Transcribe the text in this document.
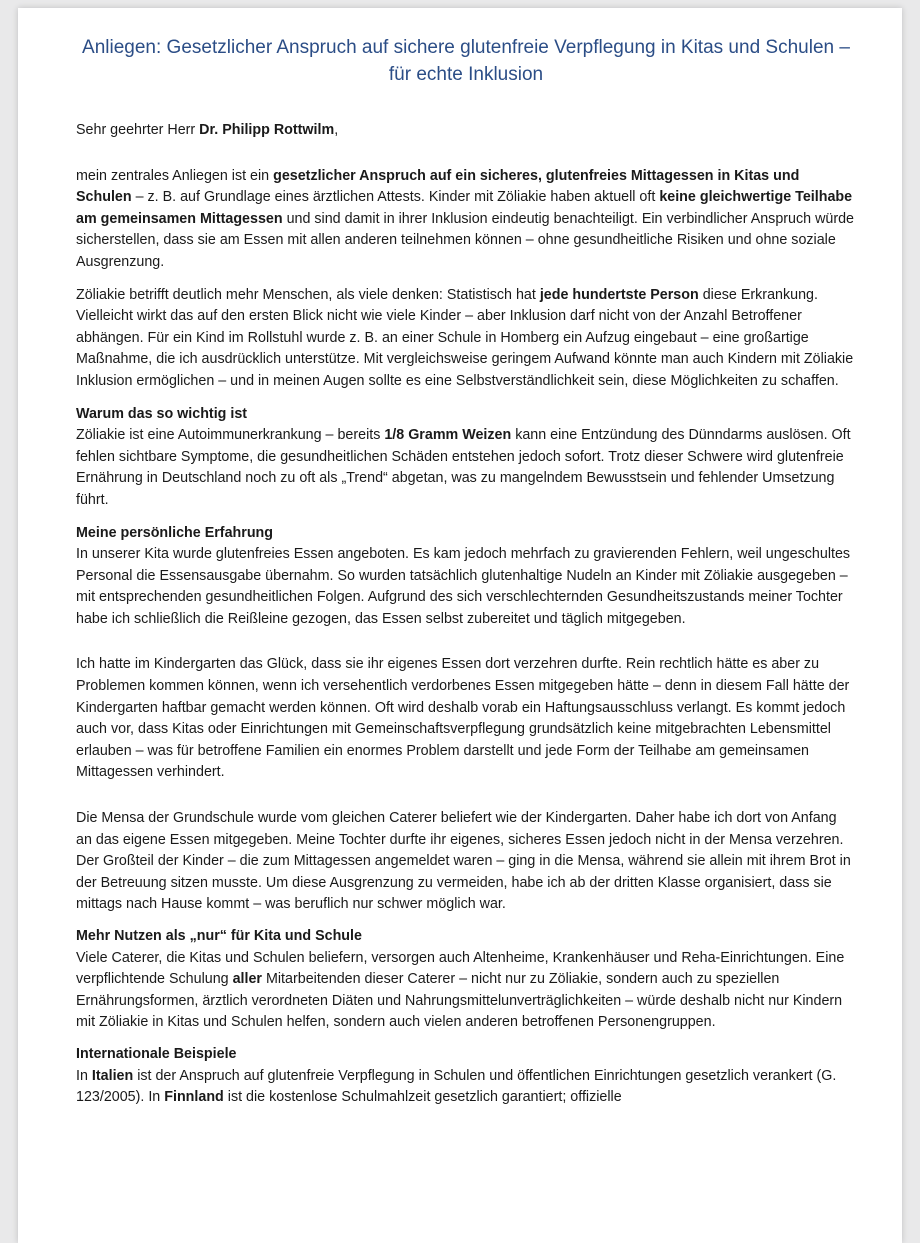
Anliegen: Gesetzlicher Anspruch auf sichere glutenfreie Verpflegung in Kitas und Schulen – für echte Inklusion

Sehr geehrter Herr Dr. Philipp Rottwilm,

mein zentrales Anliegen ist ein gesetzlicher Anspruch auf ein sicheres, glutenfreies Mittagessen in Kitas und Schulen – z. B. auf Grundlage eines ärztlichen Attests. Kinder mit Zöliakie haben aktuell oft keine gleichwertige Teilhabe am gemeinsamen Mittagessen und sind damit in ihrer Inklusion eindeutig benachteiligt. Ein verbindlicher Anspruch würde sicherstellen, dass sie am Essen mit allen anderen teilnehmen können – ohne gesundheitliche Risiken und ohne soziale Ausgrenzung.

Zöliakie betrifft deutlich mehr Menschen, als viele denken: Statistisch hat jede hundertste Person diese Erkrankung. Vielleicht wirkt das auf den ersten Blick nicht wie viele Kinder – aber Inklusion darf nicht von der Anzahl Betroffener abhängen. Für ein Kind im Rollstuhl wurde z. B. an einer Schule in Homberg ein Aufzug eingebaut – eine großartige Maßnahme, die ich ausdrücklich unterstütze. Mit vergleichsweise geringem Aufwand könnte man auch Kindern mit Zöliakie Inklusion ermöglichen – und in meinen Augen sollte es eine Selbstverständlichkeit sein, diese Möglichkeiten zu schaffen.

Warum das so wichtig ist

Zöliakie ist eine Autoimmunerkrankung – bereits 1/8 Gramm Weizen kann eine Entzündung des Dünndarms auslösen. Oft fehlen sichtbare Symptome, die gesundheitlichen Schäden entstehen jedoch sofort. Trotz dieser Schwere wird glutenfreie Ernährung in Deutschland noch zu oft als „Trend“ abgetan, was zu mangelndem Bewusstsein und fehlender Umsetzung führt.

Meine persönliche Erfahrung

In unserer Kita wurde glutenfreies Essen angeboten. Es kam jedoch mehrfach zu gravierenden Fehlern, weil ungeschultes Personal die Essensausgabe übernahm. So wurden tatsächlich glutenhaltige Nudeln an Kinder mit Zöliakie ausgegeben – mit entsprechenden gesundheitlichen Folgen. Aufgrund des sich verschlechternden Gesundheitszustands meiner Tochter habe ich schließlich die Reißleine gezogen, das Essen selbst zubereitet und täglich mitgegeben.

Ich hatte im Kindergarten das Glück, dass sie ihr eigenes Essen dort verzehren durfte. Rein rechtlich hätte es aber zu Problemen kommen können, wenn ich versehentlich verdorbenes Essen mitgegeben hätte – denn in diesem Fall hätte der Kindergarten haftbar gemacht werden können. Oft wird deshalb vorab ein Haftungsausschluss verlangt. Es kommt jedoch auch vor, dass Kitas oder Einrichtungen mit Gemeinschaftsverpflegung grundsätzlich keine mitgebrachten Lebensmittel erlauben – was für betroffene Familien ein enormes Problem darstellt und jede Form der Teilhabe am gemeinsamen Mittagessen verhindert.

Die Mensa der Grundschule wurde vom gleichen Caterer beliefert wie der Kindergarten. Daher habe ich dort von Anfang an das eigene Essen mitgegeben. Meine Tochter durfte ihr eigenes, sicheres Essen jedoch nicht in der Mensa verzehren. Der Großteil der Kinder – die zum Mittagessen angemeldet waren – ging in die Mensa, während sie allein mit ihrem Brot in der Betreuung sitzen musste. Um diese Ausgrenzung zu vermeiden, habe ich ab der dritten Klasse organisiert, dass sie mittags nach Hause kommt – was beruflich nur schwer möglich war.

Mehr Nutzen als „nur“ für Kita und Schule

Viele Caterer, die Kitas und Schulen beliefern, versorgen auch Altenheime, Krankenhäuser und Reha-Einrichtungen. Eine verpflichtende Schulung aller Mitarbeitenden dieser Caterer – nicht nur zu Zöliakie, sondern auch zu speziellen Ernährungsformen, ärztlich verordneten Diäten und Nahrungsmittelunverträglichkeiten – würde deshalb nicht nur Kindern mit Zöliakie in Kitas und Schulen helfen, sondern auch vielen anderen betroffenen Personengruppen.

Internationale Beispiele

In Italien ist der Anspruch auf glutenfreie Verpflegung in Schulen und öffentlichen Einrichtungen gesetzlich verankert (G. 123/2005). In Finnland ist die kostenlose Schulmahlzeit gesetzlich garantiert; offizielle
